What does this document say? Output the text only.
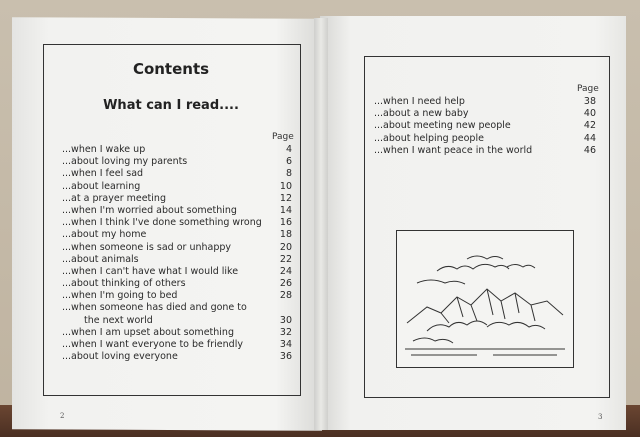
Contents
What can I read....
Page
...when I wake up	4
...about loving my parents	6
...when I feel sad	8
...about learning	10
...at a prayer meeting	12
...when I'm worried about something	14
...when I think I've done something wrong 16
...about my home	18
...when someone is sad or unhappy	20
...about animals	22
...when I can't have what I would like	24
...about thinking of others	26
...when I'm going to bed	28
...when someone has died and gone to
the next world	30
...when I am upset about something	32
...when I want everyone to be friendly	34
...about loving everyone	36
Page
...when I need help	38
...about a new baby	40
...about meeting new people	42
...about helping people	44
...when I want peace in the world	46
2	3
